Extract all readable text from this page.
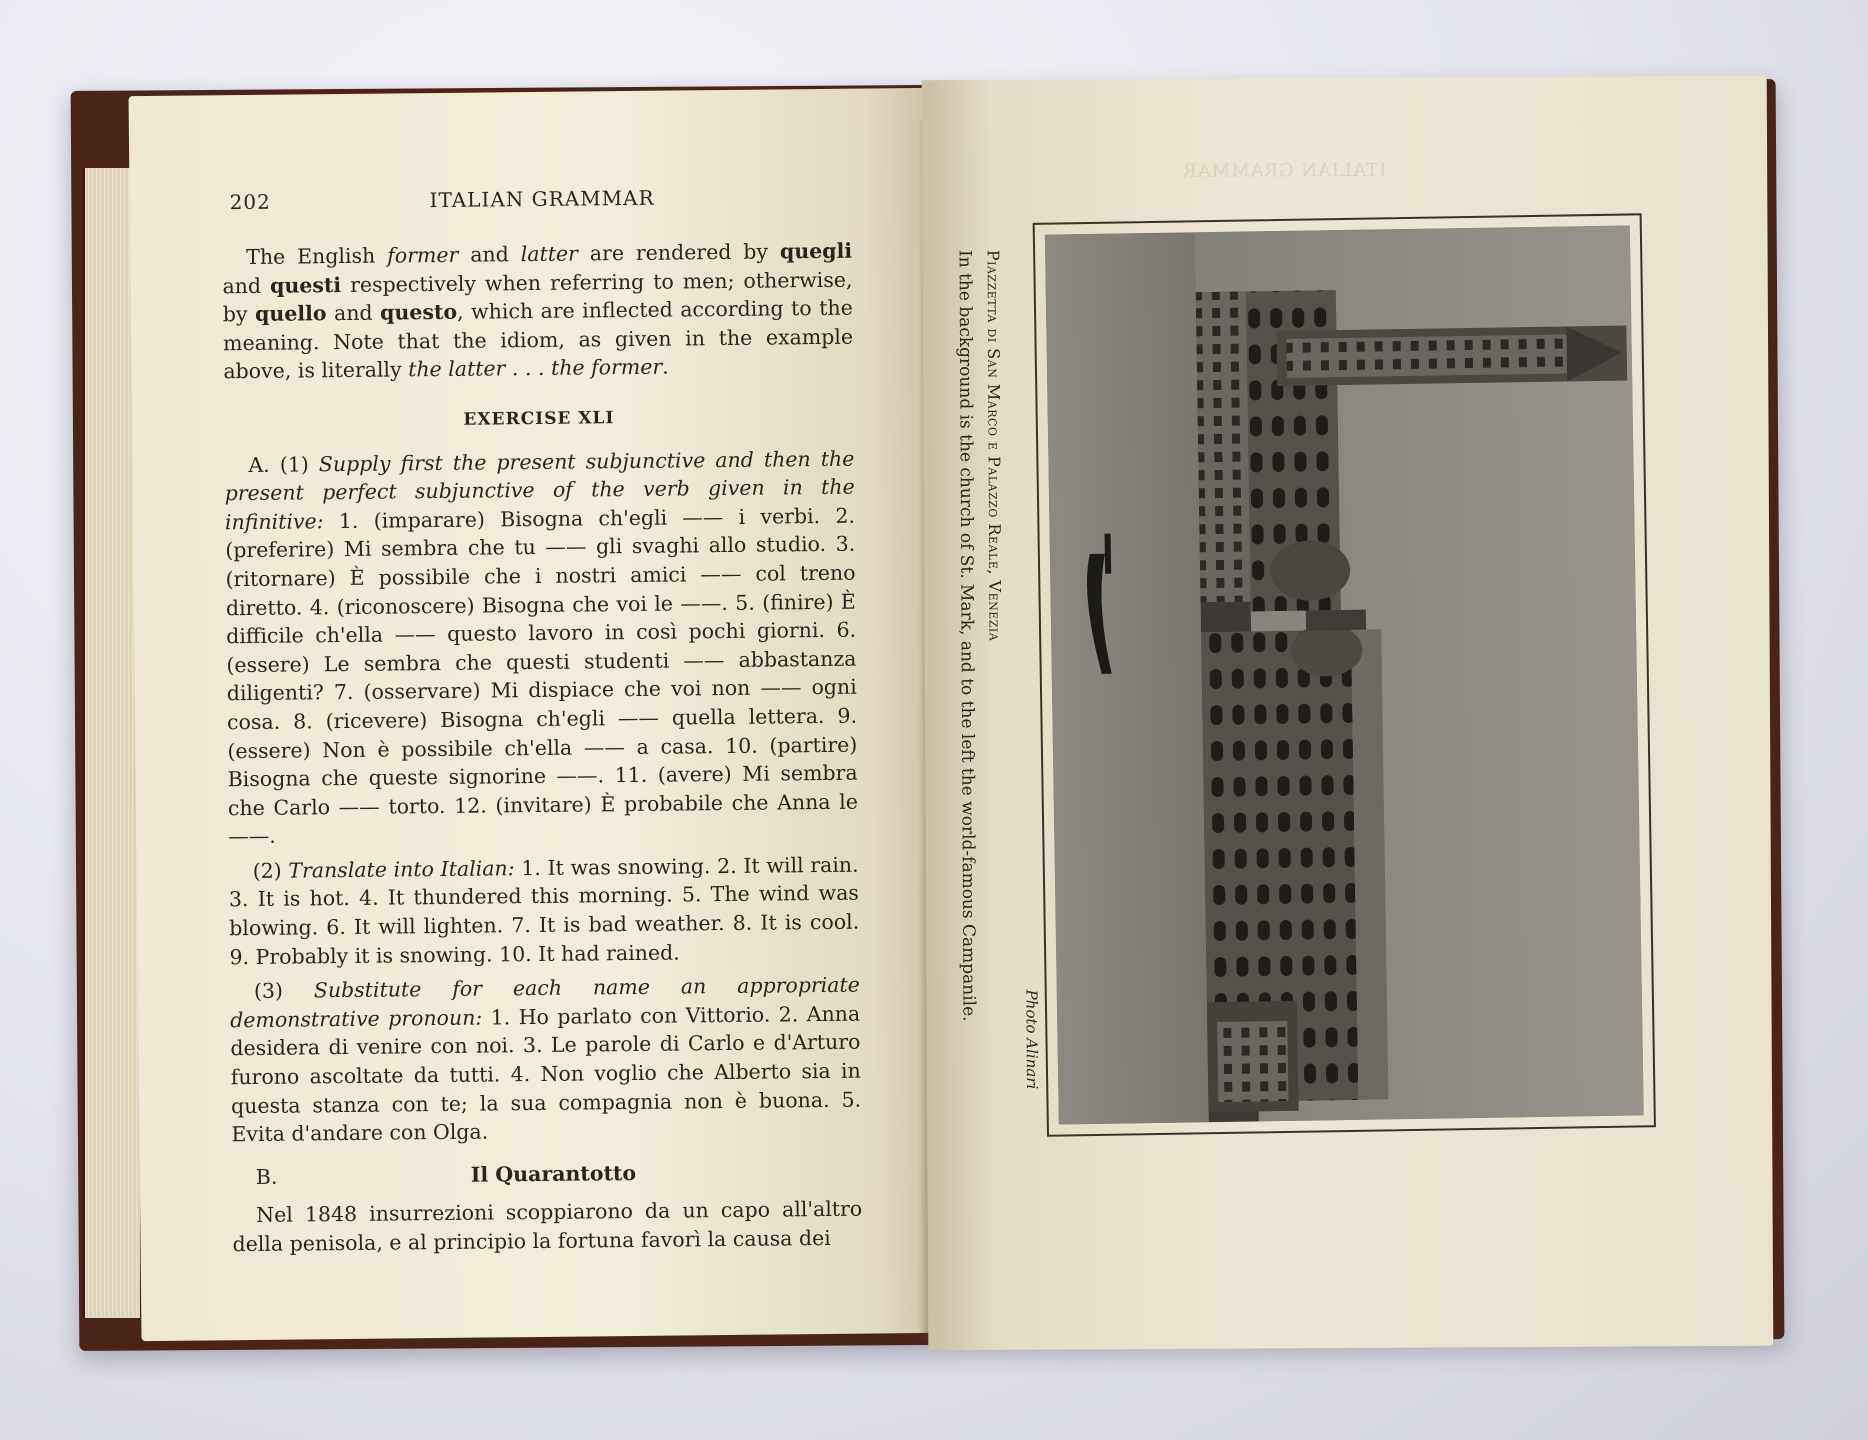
202	ITALIAN GRAMMAR

The English former and latter are rendered by quegli and questi respectively when referring to men; otherwise, by quello and questo, which are inflected according to the meaning. Note that the idiom, as given in the example above, is literally the latter . . . the former.

EXERCISE XLI

A. (1) Supply first the present subjunctive and then the present perfect subjunctive of the verb given in the infinitive: 1. (imparare) Bisogna ch'egli —— i verbi. 2. (preferire) Mi sembra che tu —— gli svaghi allo studio. 3. (ritornare) È possibile che i nostri amici —— col treno diretto. 4. (riconoscere) Bisogna che voi le ——. 5. (finire) È difficile ch'ella —— questo lavoro in così pochi giorni. 6. (essere) Le sembra che questi studenti —— abbastanza diligenti? 7. (osservare) Mi dispiace che voi non —— ogni cosa. 8. (ricevere) Bisogna ch'egli —— quella lettera. 9. (essere) Non è possibile ch'ella —— a casa. 10. (partire) Bisogna che queste signorine ——. 11. (avere) Mi sembra che Carlo —— torto. 12. (invitare) È probabile che Anna le ——.

(2) Translate into Italian: 1. It was snowing. 2. It will rain. 3. It is hot. 4. It thundered this morning. 5. The wind was blowing. 6. It will lighten. 7. It is bad weather. 8. It is cool. 9. Probably it is snowing. 10. It had rained.

(3) Substitute for each name an appropriate demonstrative pronoun: 1. Ho parlato con Vittorio. 2. Anna desidera di venire con noi. 3. Le parole di Carlo e d'Arturo furono ascoltate da tutti. 4. Non voglio che Alberto sia in questa stanza con te; la sua compagnia non è buona. 5. Evita d'andare con Olga.

B.	Il Quarantotto

Nel 1848 insurrezioni scoppiarono da un capo all'altro della penisola, e al principio la fortuna favorì la causa dei

ITALIAN GRAMMAR
Piazzetta di San Marco e Palazzo Reale, Venezia
In the background is the church of St. Mark, and to the left the world-famous Campanile.
Photo Alinari
